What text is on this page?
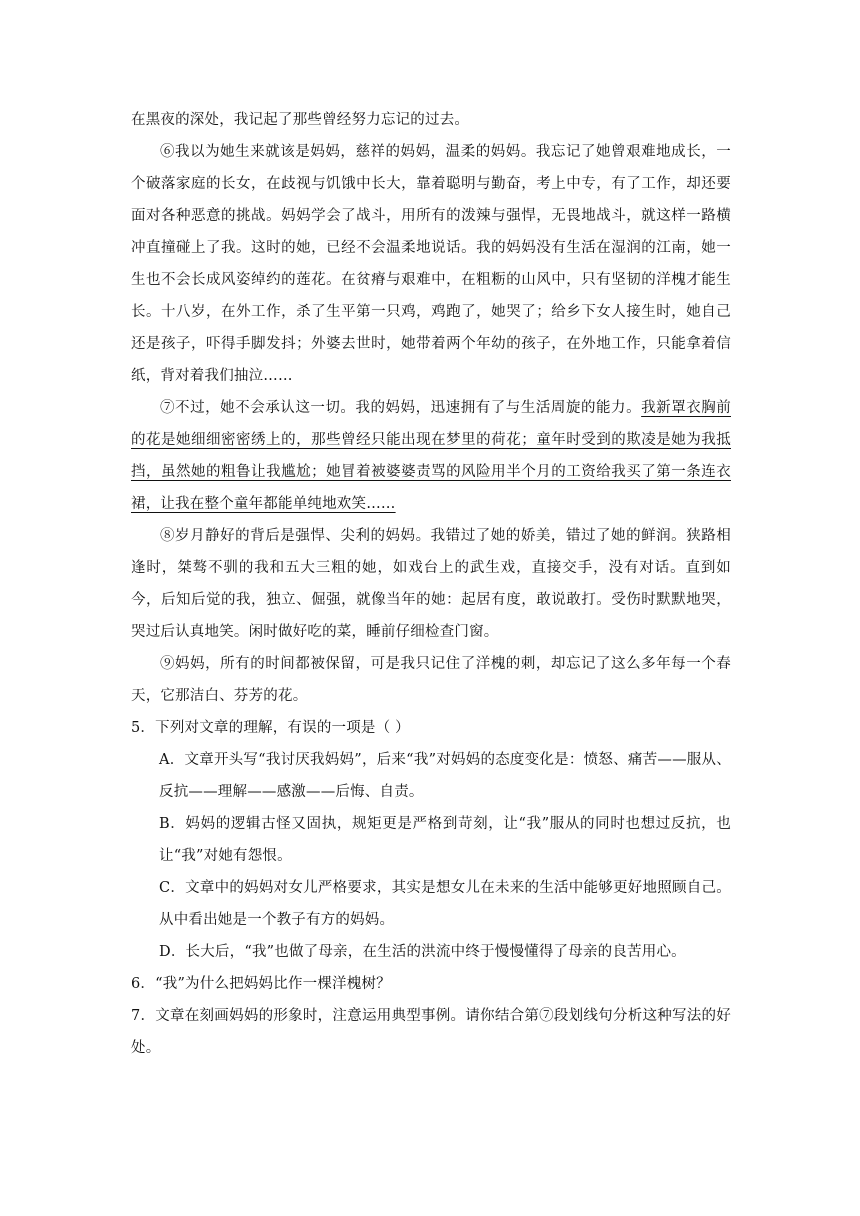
在黑夜的深处，我记起了那些曾经努力忘记的过去。

⑥我以为她生来就该是妈妈，慈祥的妈妈，温柔的妈妈。我忘记了她曾艰难地成长，一个破落家庭的长女，在歧视与饥饿中长大，靠着聪明与勤奋，考上中专，有了工作，却还要面对各种恶意的挑战。妈妈学会了战斗，用所有的泼辣与强悍，无畏地战斗，就这样一路横冲直撞碰上了我。这时的她，已经不会温柔地说话。我的妈妈没有生活在湿润的江南，她一生也不会长成风姿绰约的莲花。在贫瘠与艰难中，在粗粝的山风中，只有坚韧的洋槐才能生长。十八岁，在外工作，杀了生平第一只鸡，鸡跑了，她哭了；给乡下女人接生时，她自己还是孩子，吓得手脚发抖；外婆去世时，她带着两个年幼的孩子，在外地工作，只能拿着信纸，背对着我们抽泣……

⑦不过，她不会承认这一切。我的妈妈，迅速拥有了与生活周旋的能力。我新罩衣胸前的花是她细细密密绣上的，那些曾经只能出现在梦里的荷花；童年时受到的欺凌是她为我抵挡，虽然她的粗鲁让我尴尬；她冒着被婆婆责骂的风险用半个月的工资给我买了第一条连衣裙，让我在整个童年都能单纯地欢笑……

⑧岁月静好的背后是强悍、尖利的妈妈。我错过了她的娇美，错过了她的鲜润。狭路相逢时，桀骜不驯的我和五大三粗的她，如戏台上的武生戏，直接交手，没有对话。直到如今，后知后觉的我，独立、倔强，就像当年的她：起居有度，敢说敢打。受伤时默默地哭，哭过后认真地笑。闲时做好吃的菜，睡前仔细检查门窗。

⑨妈妈，所有的时间都被保留，可是我只记住了洋槐的刺，却忘记了这么多年每一个春天，它那洁白、芬芳的花。

5．下列对文章的理解，有误的一项是（ ）

A．文章开头写“我讨厌我妈妈”，后来“我”对妈妈的态度变化是：愤怒、痛苦——服从、反抗——理解——感激——后悔、自责。

B．妈妈的逻辑古怪又固执，规矩更是严格到苛刻，让“我”服从的同时也想过反抗，也让“我”对她有怨恨。

C．文章中的妈妈对女儿严格要求，其实是想女儿在未来的生活中能够更好地照顾自己。从中看出她是一个教子有方的妈妈。

D．长大后，“我”也做了母亲，在生活的洪流中终于慢慢懂得了母亲的良苦用心。

6．“我”为什么把妈妈比作一棵洋槐树？

7．文章在刻画妈妈的形象时，注意运用典型事例。请你结合第⑦段划线句分析这种写法的好处。
